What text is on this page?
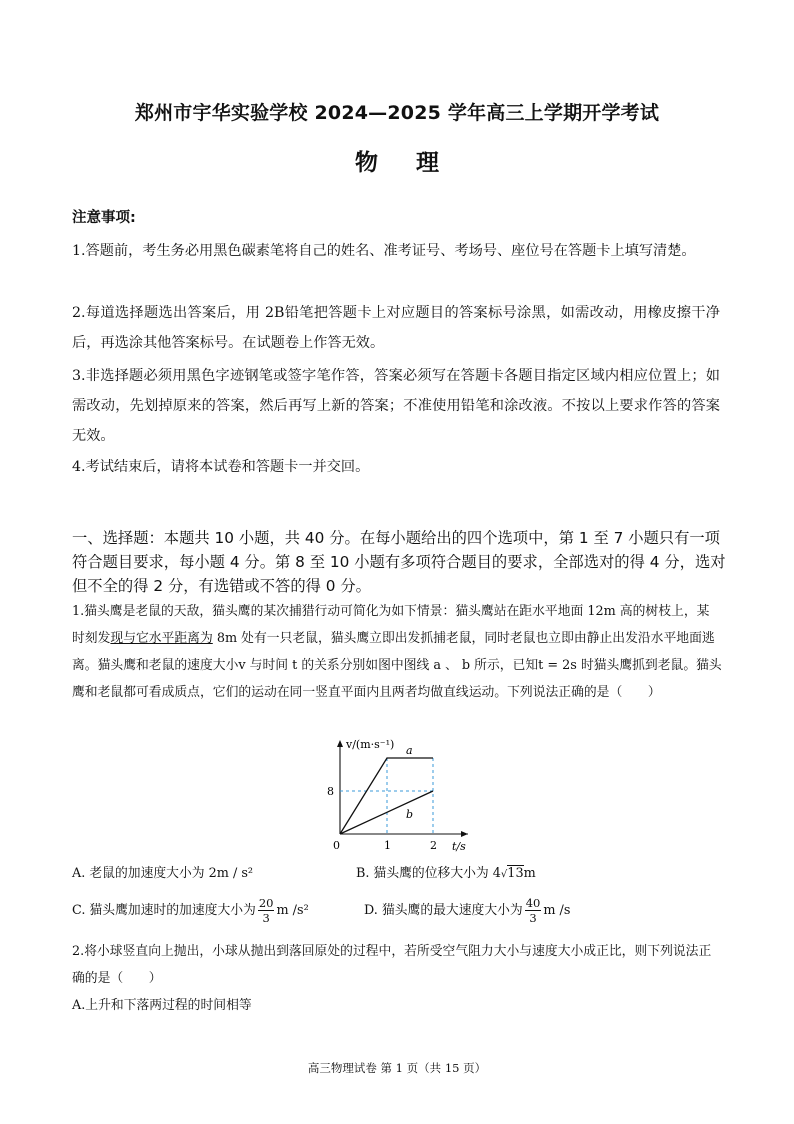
郑州市宇华实验学校 2024—2025 学年高三上学期开学考试
物 理
注意事项:
1.答题前，考生务必用黑色碳素笔将自己的姓名、准考证号、考场号、座位号在答题卡上填写清楚。
2.每道选择题选出答案后，用 2B铅笔把答题卡上对应题目的答案标号涂黑，如需改动，用橡皮擦干净后，再选涂其他答案标号。在试题卷上作答无效。
3.非选择题必须用黑色字迹钢笔或签字笔作答，答案必须写在答题卡各题目指定区域内相应位置上；如需改动，先划掉原来的答案，然后再写上新的答案；不准使用铅笔和涂改液。不按以上要求作答的答案无效。
4.考试结束后，请将本试卷和答题卡一并交回。
一、选择题：本题共 10 小题，共 40 分。在每小题给出的四个选项中，第 1 至 7 小题只有一项符合题目要求，每小题 4 分。第 8 至 10 小题有多项符合题目的要求，全部选对的得 4 分，选对但不全的得 2 分，有选错或不答的得 0 分。
1.猫头鹰是老鼠的天敌，猫头鹰的某次捕猎行动可简化为如下情景：猫头鹰站在距水平地面 12m 高的树枝上，某时刻发现与它水平距离为 8m 处有一只老鼠，猫头鹰立即出发抓捕老鼠，同时老鼠也立即由静止出发沿水平地面逃离。猫头鹰和老鼠的速度大小v 与时间 t 的关系分别如图中图线 a 、 b 所示，已知t = 2s 时猫头鹰抓到老鼠。猫头鹰和老鼠都可看成质点，它们的运动在同一竖直平面内且两者均做直线运动。下列说法正确的是（　　）
v/(m·s⁻¹)
t/s
0
8
1	2
a
b
A. 老鼠的加速度大小为 2m / s²	B. 猫头鹰的位移大小为 4√13m
C. 猫头鹰加速时的加速度大小为 $\frac{20}{3}$ m /s²	D. 猫头鹰的最大速度大小为 $\frac{40}{3}$ m /s
2.将小球竖直向上抛出，小球从抛出到落回原处的过程中，若所受空气阻力大小与速度大小成正比，则下列说法正确的是（　　）
A.上升和下落两过程的时间相等
高三物理试卷 第 1 页（共 15 页）
